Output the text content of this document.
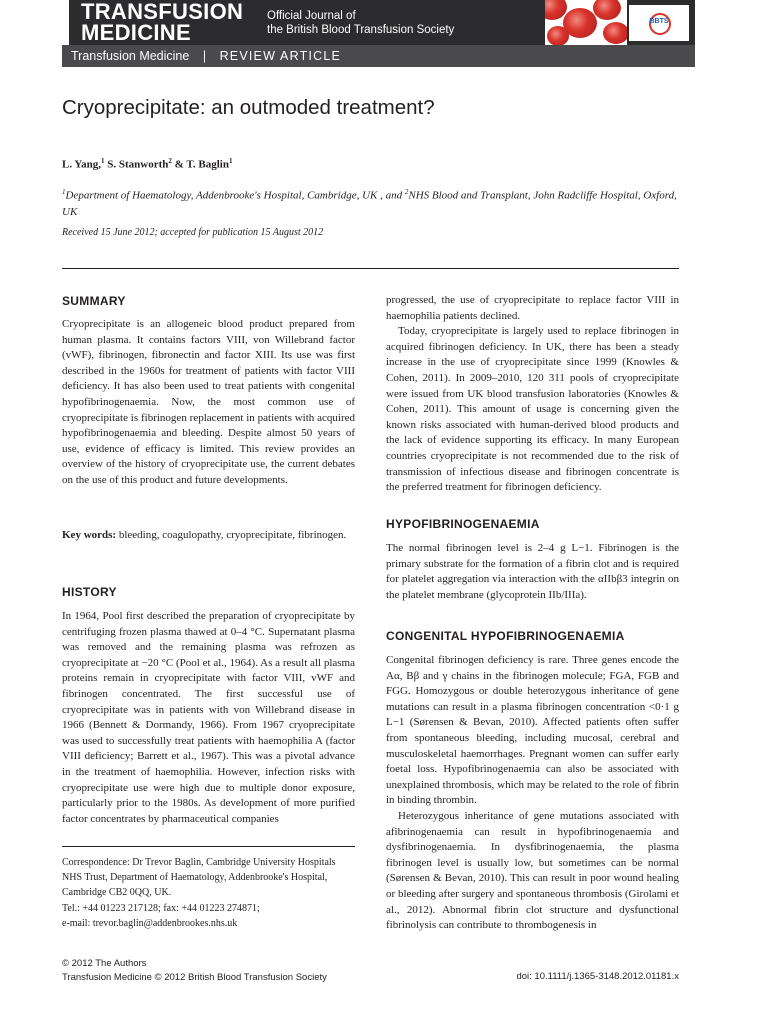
TRANSFUSION
MEDICINE
Official Journal of
the British Blood Transfusion Society
BBTS
Transfusion Medicine | REVIEW ARTICLE
Cryoprecipitate: an outmoded treatment?
L. Yang,$^1$ S. Stanworth$^2$ & T. Baglin$^1$
$^1$Department of Haematology, Addenbrooke's Hospital, Cambridge, UK , and $^2$NHS Blood and Transplant, John Radcliffe Hospital, Oxford, UK
Received 15 June 2012; accepted for publication 15 August 2012
SUMMARY

Cryoprecipitate is an allogeneic blood product prepared from human plasma. It contains factors VIII, von Willebrand factor (vWF), fibrinogen, fibronectin and factor XIII. Its use was first described in the 1960s for treatment of patients with factor VIII deficiency. It has also been used to treat patients with congenital hypofibrinogenaemia. Now, the most common use of cryoprecipitate is fibrinogen replacement in patients with acquired hypofibrinogenaemia and bleeding. Despite almost 50 years of use, evidence of efficacy is limited. This review provides an overview of the history of cryoprecipitate use, the current debates on the use of this product and future developments.

Key words: bleeding, coagulopathy, cryoprecipitate, fibrinogen.
HISTORY

In 1964, Pool first described the preparation of cryoprecipitate by centrifuging frozen plasma thawed at 0–4 °C. Supernatant plasma was removed and the remaining plasma was refrozen as cryoprecipitate at −20 °C (Pool et al., 1964). As a result all plasma proteins remain in cryoprecipitate with factor VIII, vWF and fibrinogen concentrated. The first successful use of cryoprecipitate was in patients with von Willebrand disease in 1966 (Bennett & Dormandy, 1966). From 1967 cryoprecipitate was used to successfully treat patients with haemophilia A (factor VIII deficiency; Barrett et al., 1967). This was a pivotal advance in the treatment of haemophilia. However, infection risks with cryoprecipitate use were high due to multiple donor exposure, particularly prior to the 1980s. As development of more purified factor concentrates by pharmaceutical companies

Correspondence: Dr Trevor Baglin, Cambridge University Hospitals
NHS Trust, Department of Haematology, Addenbrooke's Hospital,
Cambridge CB2 0QQ, UK.
Tel.: +44 01223 217128; fax: +44 01223 274871;
e-mail: trevor.baglin@addenbrookes.nhs.uk

progressed, the use of cryoprecipitate to replace factor VIII in haemophilia patients declined.

Today, cryoprecipitate is largely used to replace fibrinogen in acquired fibrinogen deficiency. In UK, there has been a steady increase in the use of cryoprecipitate since 1999 (Knowles & Cohen, 2011). In 2009–2010, 120 311 pools of cryoprecipitate were issued from UK blood transfusion laboratories (Knowles & Cohen, 2011). This amount of usage is concerning given the known risks associated with human-derived blood products and the lack of evidence supporting its efficacy. In many European countries cryoprecipitate is not recommended due to the risk of transmission of infectious disease and fibrinogen concentrate is the preferred treatment for fibrinogen deficiency.

HYPOFIBRINOGENAEMIA

The normal fibrinogen level is 2–4 g L−1. Fibrinogen is the primary substrate for the formation of a fibrin clot and is required for platelet aggregation via interaction with the αIIbβ3 integrin on the platelet membrane (glycoprotein IIb/IIIa).

CONGENITAL HYPOFIBRINOGENAEMIA

Congenital fibrinogen deficiency is rare. Three genes encode the Aα, Bβ and γ chains in the fibrinogen molecule; FGA, FGB and FGG. Homozygous or double heterozygous inheritance of gene mutations can result in a plasma fibrinogen concentration <0·1 g L−1 (Sørensen & Bevan, 2010). Affected patients often suffer from spontaneous bleeding, including mucosal, cerebral and musculoskeletal haemorrhages. Pregnant women can suffer early foetal loss. Hypofibrinogenaemia can also be associated with unexplained thrombosis, which may be related to the role of fibrin in binding thrombin.

Heterozygous inheritance of gene mutations associated with afibrinogenaemia can result in hypofibrinogenaemia and dysfibrinogenaemia. In dysfibrinogenaemia, the plasma fibrinogen level is usually low, but sometimes can be normal (Sørensen & Bevan, 2010). This can result in poor wound healing or bleeding after surgery and spontaneous thrombosis (Girolami et al., 2012). Abnormal fibrin clot structure and dysfunctional fibrinolysis can contribute to thrombogenesis in

© 2012 The Authors
Transfusion Medicine © 2012 British Blood Transfusion Society	doi: 10.1111/j.1365-3148.2012.01181.x
